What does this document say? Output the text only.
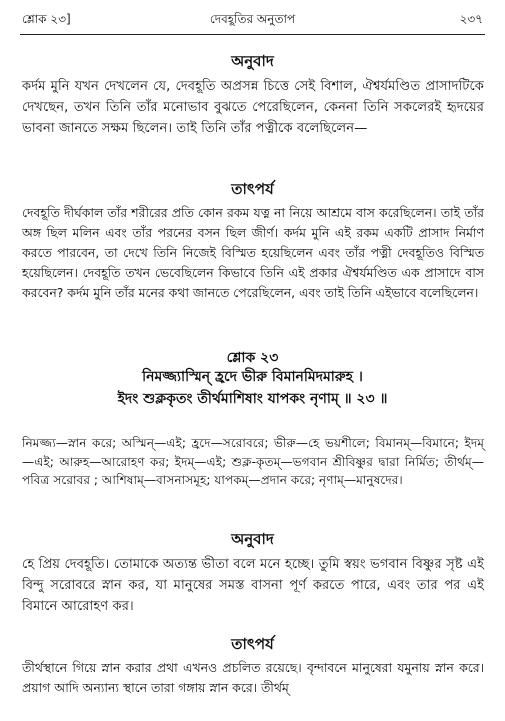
শ্লোক ২৩]	দেবহূতির অনুতাপ	২৩৭
অনুবাদ

কর্দম মুনি যখন দেখলেন যে, দেবহূতি অপ্রসন্ন চিত্তে সেই বিশাল, ঐশ্বর্যমণ্ডিত প্রাসাদটিকে দেখছেন, তখন তিনি তাঁর মনোভাব বুঝতে পেরেছিলেন, কেননা তিনি সকলেরই হৃদয়ের ভাবনা জানতে সক্ষম ছিলেন। তাই তিনি তাঁর পত্নীকে বলেছিলেন—

তাৎপর্য

দেবহূতি দীর্ঘকাল তাঁর শরীরের প্রতি কোন রকম যত্ন না নিয়ে আশ্রমে বাস করেছিলেন। তাই তাঁর অঙ্গ ছিল মলিন এবং তাঁর পরনের বসন ছিল জীর্ণ। কর্দম মুনি এই রকম একটি প্রাসাদ নির্মাণ করতে পারবেন, তা দেখে তিনি নিজেই বিস্মিত হয়েছিলেন এবং তাঁর পত্নী দেবহূতিও বিস্মিত হয়েছিলেন। দেবহূতি তখন ভেবেছিলেন কিভাবে তিনি এই প্রকার ঐশ্বর্যমণ্ডিত এক প্রাসাদে বাস করবেন? কর্দম মুনি তাঁর মনের কথা জানতে পেরেছিলেন, এবং তাই তিনি এইভাবে বলেছিলেন।

শ্লোক ২৩
নিমজ্জ্যাস্মিন্ হ্রদে ভীরু বিমানমিদমারুহ ।
ইদং শুক্লকৃতং তীর্থমাশিষাং যাপকং নৃণাম্ ॥ ২৩ ॥

নিমজ্জ্য—স্নান করে; অস্মিন্—এই; হ্রদে—সরোবরে; ভীরু—হে ভয়শীলে; বিমানম্—বিমানে; ইদম্—এই; আরুহ—আরোহণ কর; ইদম্—এই; শুক্ল-কৃতম্—ভগবান শ্রীবিষ্ণুর দ্বারা নির্মিত; তীর্থম্—পবিত্র সরোবর ; আশিষাম্—বাসনাসমূহ; যাপকম্—প্রদান করে; নৃণাম্—মানুষদের।

অনুবাদ

হে প্রিয় দেবহূতি। তোমাকে অত্যন্ত ভীতা বলে মনে হচ্ছে। তুমি স্বয়ং ভগবান বিষ্ণুর সৃষ্ট এই বিন্দু সরোবরে স্নান কর, যা মানুষের সমস্ত বাসনা পূর্ণ করতে পারে, এবং তার পর এই বিমানে আরোহণ কর।

তাৎপর্য

তীর্থস্থানে গিয়ে স্নান করার প্রথা এখনও প্রচলিত রয়েছে। বৃন্দাবনে মানুষেরা যমুনায় স্নান করে। প্রয়াগ আদি অন্যান্য স্থানে তারা গঙ্গায় স্নান করে। তীর্থম্
